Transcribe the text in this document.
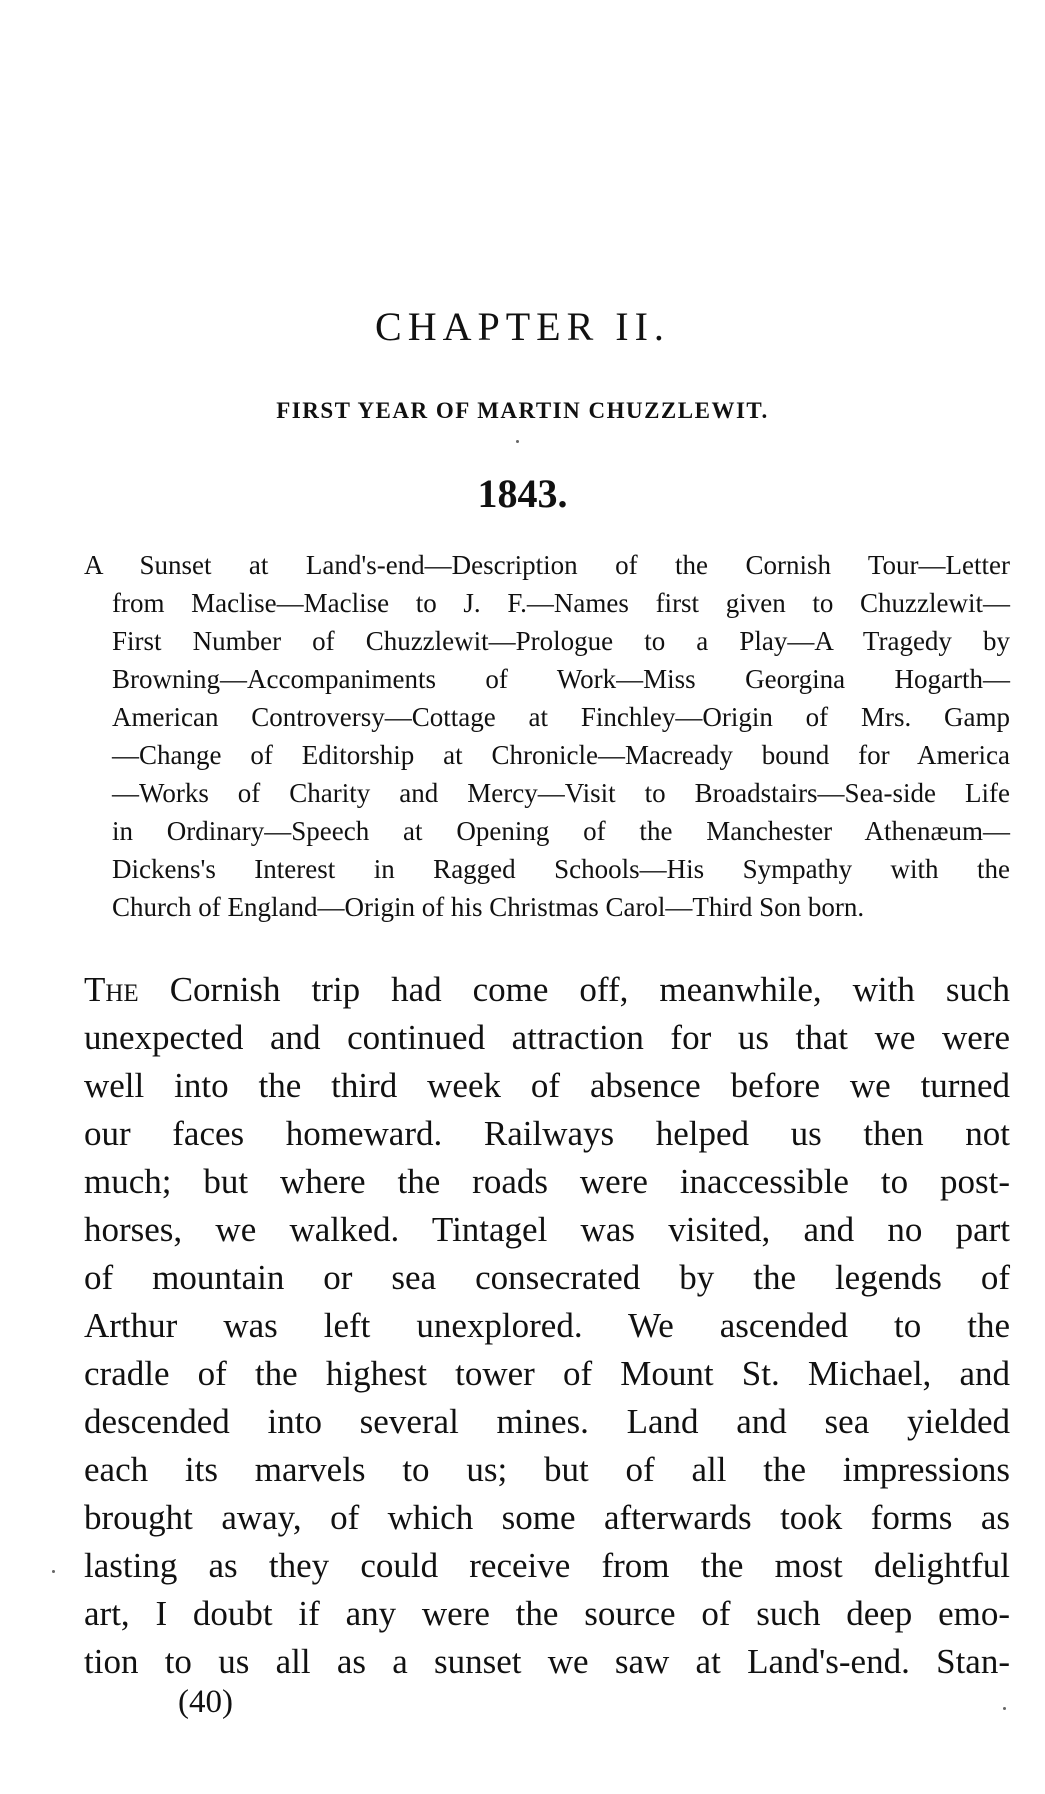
CHAPTER II.
FIRST YEAR OF MARTIN CHUZZLEWIT.
1843.
A Sunset at Land's-end—Description of the Cornish Tour—Letter
from Maclise—Maclise to J. F.—Names first given to Chuzzlewit—
First Number of Chuzzlewit—Prologue to a Play—A Tragedy by
Browning—Accompaniments of Work—Miss Georgina Hogarth—
American Controversy—Cottage at Finchley—Origin of Mrs. Gamp
—Change of Editorship at Chronicle—Macready bound for America
—Works of Charity and Mercy—Visit to Broadstairs—Sea-side Life
in Ordinary—Speech at Opening of the Manchester Athenæum—
Dickens's Interest in Ragged Schools—His Sympathy with the
Church of England—Origin of his Christmas Carol—Third Son born.
The Cornish trip had come off, meanwhile, with such
unexpected and continued attraction for us that we were
well into the third week of absence before we turned
our faces homeward. Railways helped us then not
much; but where the roads were inaccessible to post-
horses, we walked. Tintagel was visited, and no part
of mountain or sea consecrated by the legends of
Arthur was left unexplored. We ascended to the
cradle of the highest tower of Mount St. Michael, and
descended into several mines. Land and sea yielded
each its marvels to us; but of all the impressions
brought away, of which some afterwards took forms as
lasting as they could receive from the most delightful
art, I doubt if any were the source of such deep emo-
tion to us all as a sunset we saw at Land's-end. Stan-
(40)
